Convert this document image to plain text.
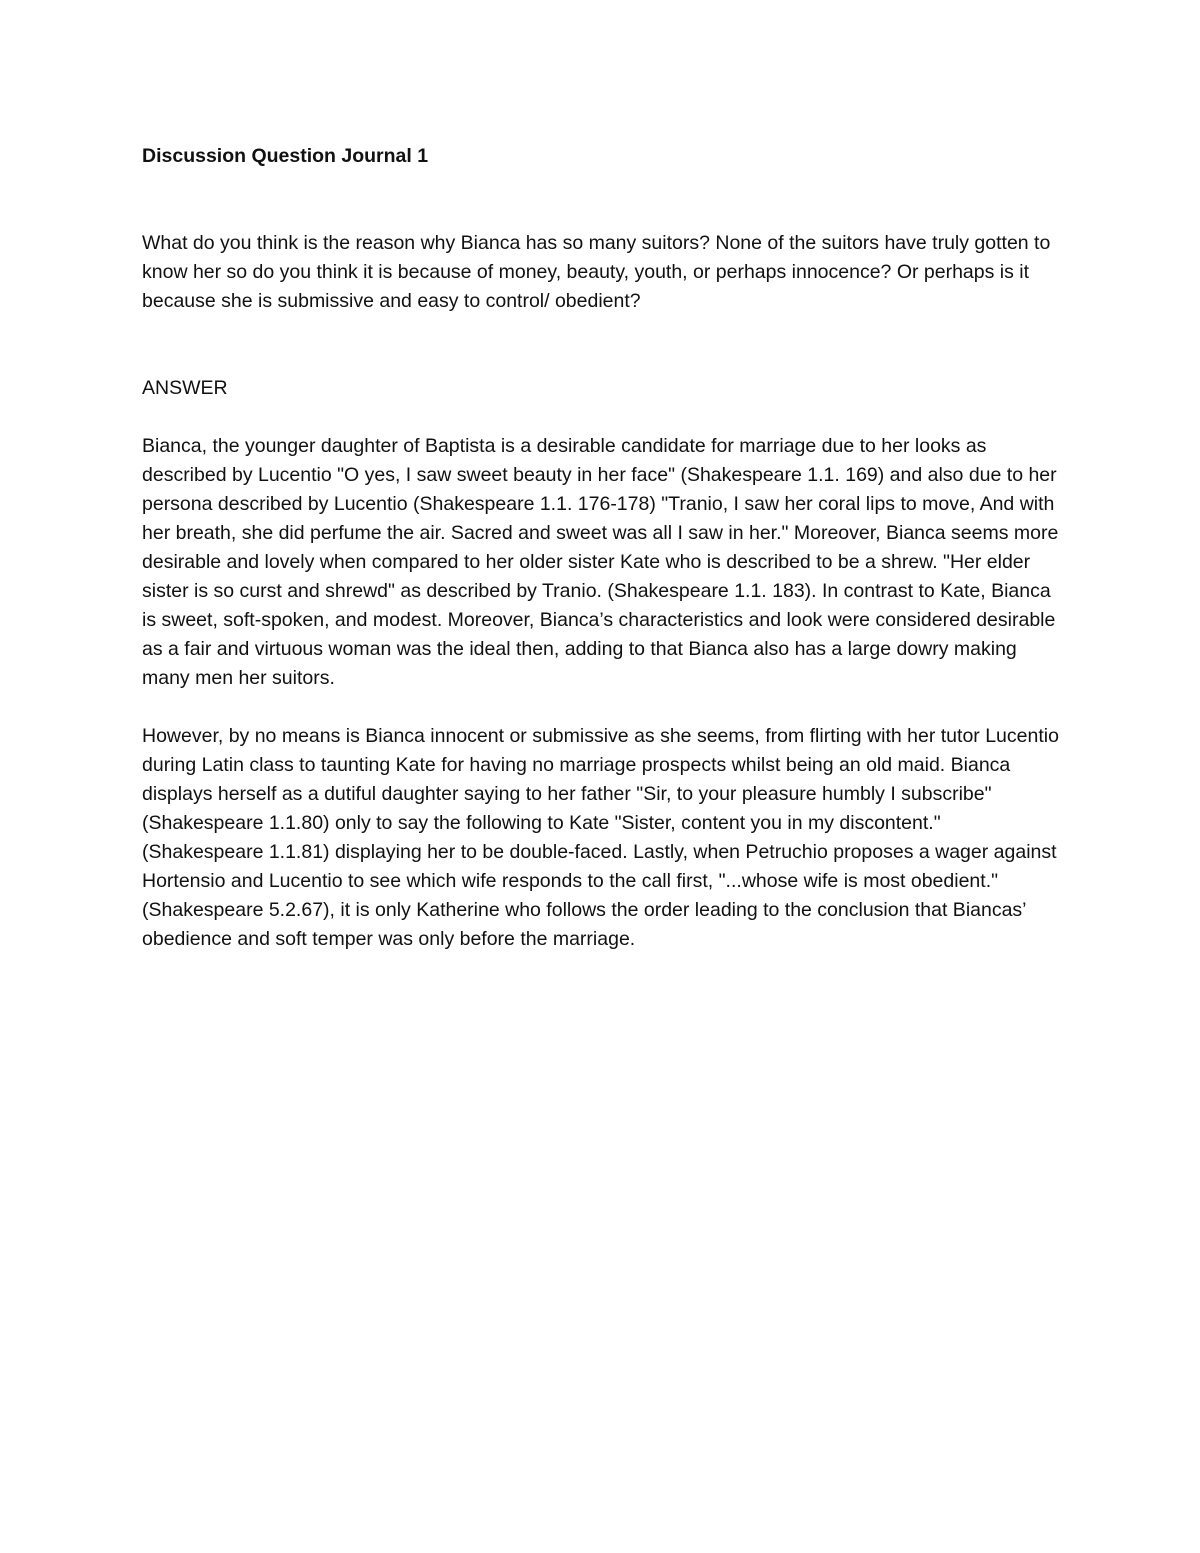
Discussion Question Journal 1

What do you think is the reason why Bianca has so many suitors? None of the suitors have truly gotten to know her so do you think it is because of money, beauty, youth, or perhaps innocence? Or perhaps is it because she is submissive and easy to control/ obedient?

ANSWER

Bianca, the younger daughter of Baptista is a desirable candidate for marriage due to her looks as described by Lucentio "O yes, I saw sweet beauty in her face" (Shakespeare 1.1. 169) and also due to her persona described by Lucentio (Shakespeare 1.1. 176-178) "Tranio, I saw her coral lips to move, And with her breath, she did perfume the air. Sacred and sweet was all I saw in her." Moreover, Bianca seems more desirable and lovely when compared to her older sister Kate who is described to be a shrew. "Her elder sister is so curst and shrewd" as described by Tranio. (Shakespeare 1.1. 183). In contrast to Kate, Bianca is sweet, soft-spoken, and modest. Moreover, Bianca’s characteristics and look were considered desirable as a fair and virtuous woman was the ideal then, adding to that Bianca also has a large dowry making many men her suitors.

However, by no means is Bianca innocent or submissive as she seems, from flirting with her tutor Lucentio during Latin class to taunting Kate for having no marriage prospects whilst being an old maid. Bianca displays herself as a dutiful daughter saying to her father "Sir, to your pleasure humbly I subscribe"(Shakespeare 1.1.80) only to say the following to Kate "Sister, content you in my discontent."(Shakespeare 1.1.81) displaying her to be double-faced. Lastly, when Petruchio proposes a wager against Hortensio and Lucentio to see which wife responds to the call first, "...whose wife is most obedient." (Shakespeare 5.2.67), it is only Katherine who follows the order leading to the conclusion that Biancas’ obedience and soft temper was only before the marriage.
